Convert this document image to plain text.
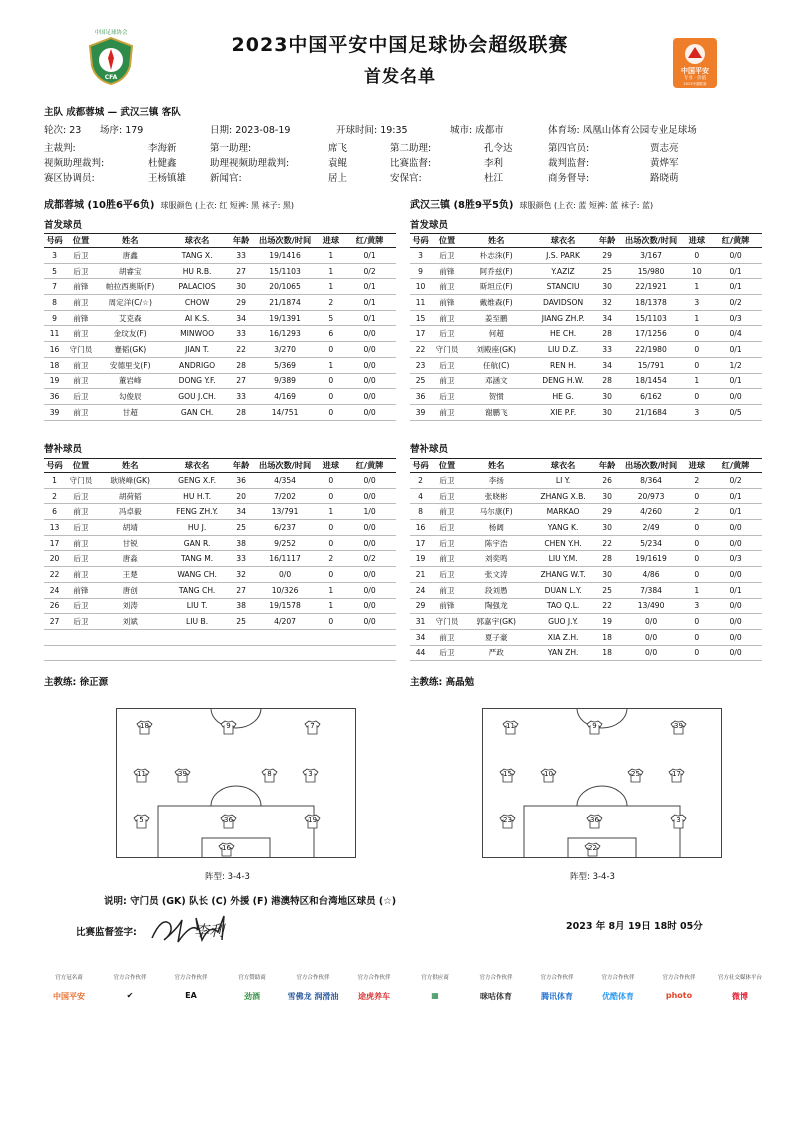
CFA
中国足球协会
2023中国平安中国足球协会超级联赛
首发名单	中国平安
专业 · 价值
2023中超联赛
主队 成都蓉城 — 武汉三镇 客队
轮次: 23 场序: 179	日期: 2023-08-19	开球时间: 19:35	城市: 成都市	体育场: 凤凰山体育公园专业足球场
主裁判:	李海新	第一助理:	席飞	第二助理:	孔令达	第四官员:	贾志亮
视频助理裁判:	杜健鑫	助理视频助理裁判:	袁鲲	比赛监督:	李利	裁判监督:	黄烨军
赛区协调员:	王杨镇雄	新闻官:	居上	安保官:	杜江	商务督导:	路晓萌
成都蓉城 (10胜6平6负) 球服颜色 (上衣: 红 短裤: 黑 袜子: 黑)	武汉三镇 (8胜9平5负) 球服颜色 (上衣: 蓝 短裤: 蓝 袜子: 蓝)
首发球员	首发球员
号码	位置	姓名	球衣名	年龄	出场次数/时间	进球	红/黄牌
3	后卫	唐鑫	TANG X.	33	19/1416	1	0/1
5	后卫	胡睿宝	HU R.B.	27	15/1103	1	0/2
7	前锋	帕拉西奥斯(F)	PALACIOS	30	20/1065	1	0/1
8	前卫	周定洋(C/☆)	CHOW	29	21/1874	2	0/1
9	前锋	艾克森	AI K.S.	34	19/1391	5	0/1
11	前卫	金玟友(F)	MINWOO	33	16/1293	6	0/0
16	守门员	蹇韬(GK)	JIAN T.	22	3/270	0	0/0
18	前卫	安德里戈(F)	ANDRIGO	28	5/369	1	0/0
19	前卫	董岩峰	DONG Y.F.	27	9/389	0	0/0
36	后卫	勾俊辰	GOU J.CH.	33	4/169	0	0/0
39	前卫	甘超	GAN CH.	28	14/751	0	0/0
号码	位置	姓名	球衣名	年龄	出场次数/时间	进球	红/黄牌
3	后卫	朴志洙(F)	J.S. PARK	29	3/167	0	0/0
9	前锋	阿乔兹(F)	Y.AZIZ	25	15/980	10	0/1
10	前卫	斯坦丘(F)	STANCIU	30	22/1921	1	0/1
11	前锋	戴维森(F)	DAVIDSON	32	18/1378	3	0/2
15	前卫	姜至鹏	JIANG ZH.P.	34	15/1103	1	0/3
17	后卫	何超	HE CH.	28	17/1256	0	0/4
22	守门员	刘殿座(GK)	LIU D.Z.	33	22/1980	0	0/1
23	后卫	任航(C)	REN H.	34	15/791	0	1/2
25	前卫	邓涵文	DENG H.W.	28	18/1454	1	0/1
36	后卫	贺惯	HE G.	30	6/162	0	0/0
39	前卫	谢鹏飞	XIE P.F.	30	21/1684	3	0/5
替补球员	替补球员
号码	位置	姓名	球衣名	年龄	出场次数/时间	进球	红/黄牌
1	守门员	耿晓峰(GK)	GENG X.F.	36	4/354	0	0/0
2	后卫	胡荷韬	HU H.T.	20	7/202	0	0/0
6	前卫	冯卓毅	FENG ZH.Y.	34	13/791	1	1/0
13	后卫	胡靖	HU J.	25	6/237	0	0/0
17	前卫	甘锐	GAN R.	38	9/252	0	0/0
20	后卫	唐淼	TANG M.	33	16/1117	2	0/2
22	前卫	王楚	WANG CH.	32	0/0	0	0/0
24	前锋	唐创	TANG CH.	27	10/326	1	0/0
26	后卫	刘涛	LIU T.	38	19/1578	1	0/0
27	后卫	刘斌	LIU B.	25	4/207	0	0/0

号码	位置	姓名	球衣名	年龄	出场次数/时间	进球	红/黄牌
2	后卫	李扬	LI Y.	26	8/364	2	0/2
4	后卫	张晓彬	ZHANG X.B.	30	20/973	0	0/1
8	前卫	马尔康(F)	MARKAO	29	4/260	2	0/1
16	后卫	杨阔	YANG K.	30	2/49	0	0/0
17	后卫	陈宇浩	CHEN Y.H.	22	5/234	0	0/0
19	前卫	刘奕鸣	LIU Y.M.	28	19/1619	0	0/3
21	后卫	张文涛	ZHANG W.T.	30	4/86	0	0/0
24	前卫	段刘愚	DUAN L.Y.	25	7/384	1	0/1
29	前锋	陶强龙	TAO Q.L.	22	13/490	3	0/0
31	守门员	郭嘉宇(GK)	GUO J.Y.	19	0/0	0	0/0
34	前卫	夏子豪	XIA Z.H.	18	0/0	0	0/0
44	后卫	严政	YAN ZH.	18	0/0	0	0/0
主教练: 徐正源	主教练: 高晶勉
18	9	7
11	39	8	3
5	36	19
16
阵型: 3-4-3
11	9	39
15	10	25	17
23	36	3
22
阵型: 3-4-3
说明: 守门员 (GK) 队长 (C) 外援 (F) 港澳特区和台湾地区球员 (☆)
比赛监督签字:	李利	2023 年 8月 19日 18时 05分
官方冠名商
中国平安
官方合作伙伴
✔
官方合作伙伴
EA
官方赞助商
劲酒
官方合作伙伴
雪佛龙 润滑油
官方合作伙伴
途虎养车
官方供应商
▦
官方合作伙伴
咪咕体育
官方合作伙伴
腾讯体育
官方合作伙伴
优酷体育
官方合作伙伴
photo
官方社交媒体平台
微博
